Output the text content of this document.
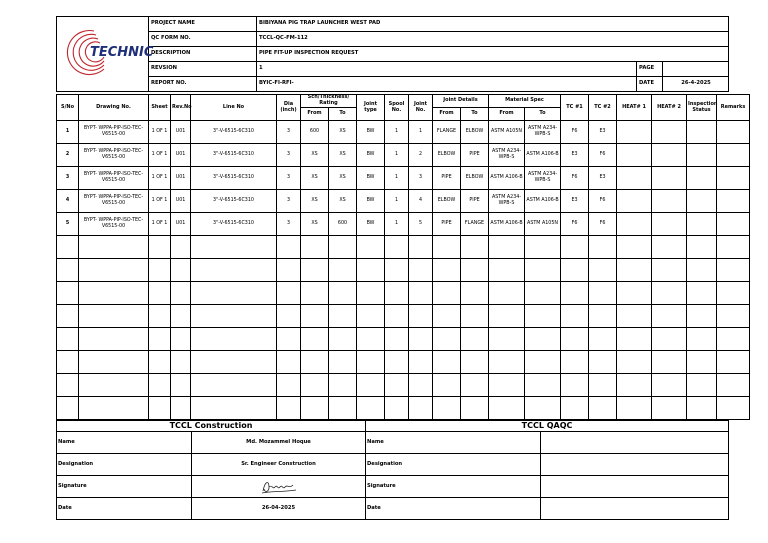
TECHNIC	PROJECT NAME	BIBIYANA PIG TRAP LAUNCHER WEST PAD		
	QC FORM NO.	TCCL-QC-FM-112		
	DESCRIPTION	PIPE FIT-UP INSPECTION REQUEST		
	REVSION	1	PAGE	
	REPORT NO.	BYIC-FI-RFI-	DATE	26-4-2025
S/No	Drawing No.	Sheet	Rev.No	Line No	Dia (inch)	Sch/Thickness/ Rating		Joint type	Spool No.	Joint No.	Joint Details		Material Spec		TC #1	TC #2	HEAT# 1	HEAT# 2	Inspection Status	Remarks
						From	To				From	To	From	To						
1	BYPT- WPPA-PIP-ISO-TEC-V6515-00	1 OF 1	U01	3"-V-6515-6C310	3	600	XS	BW	1	1	FLANGE	ELBOW	ASTM A105N	ASTM A234-WPB-S	F6	E3				
2	BYPT- WPPA-PIP-ISO-TEC-V6515-00	1 OF 1	U01	3"-V-6515-6C310	3	XS	XS	BW	1	2	ELBOW	PIPE	ASTM A234-WPB-S	ASTM A106-B	E3	F6				
3	BYPT- WPPA-PIP-ISO-TEC-V6515-00	1 OF 1	U01	3"-V-6515-6C310	3	XS	XS	BW	1	3	PIPE	ELBOW	ASTM A106-B	ASTM A234-WPB-S	F6	E3				
4	BYPT- WPPA-PIP-ISO-TEC-V6515-00	1 OF 1	U01	3"-V-6515-6C310	3	XS	XS	BW	1	4	ELBOW	PIPE	ASTM A234-WPB-S	ASTM A106-B	E3	F6				
5	BYPT- WPPA-PIP-ISO-TEC-V6515-00	1 OF 1	U01	3"-V-6515-6C310	3	XS	600	BW	1	5	PIPE	FLANGE	ASTM A106-B	ASTM A105N	F6	F6				

TCCL Construction		TCCL QAQC	
Name	Md. Mozammel Hoque	Name	
Designation	Sr. Engineer Construction	Designation	
Signature		Signature	
Date	26-04-2025	Date	
